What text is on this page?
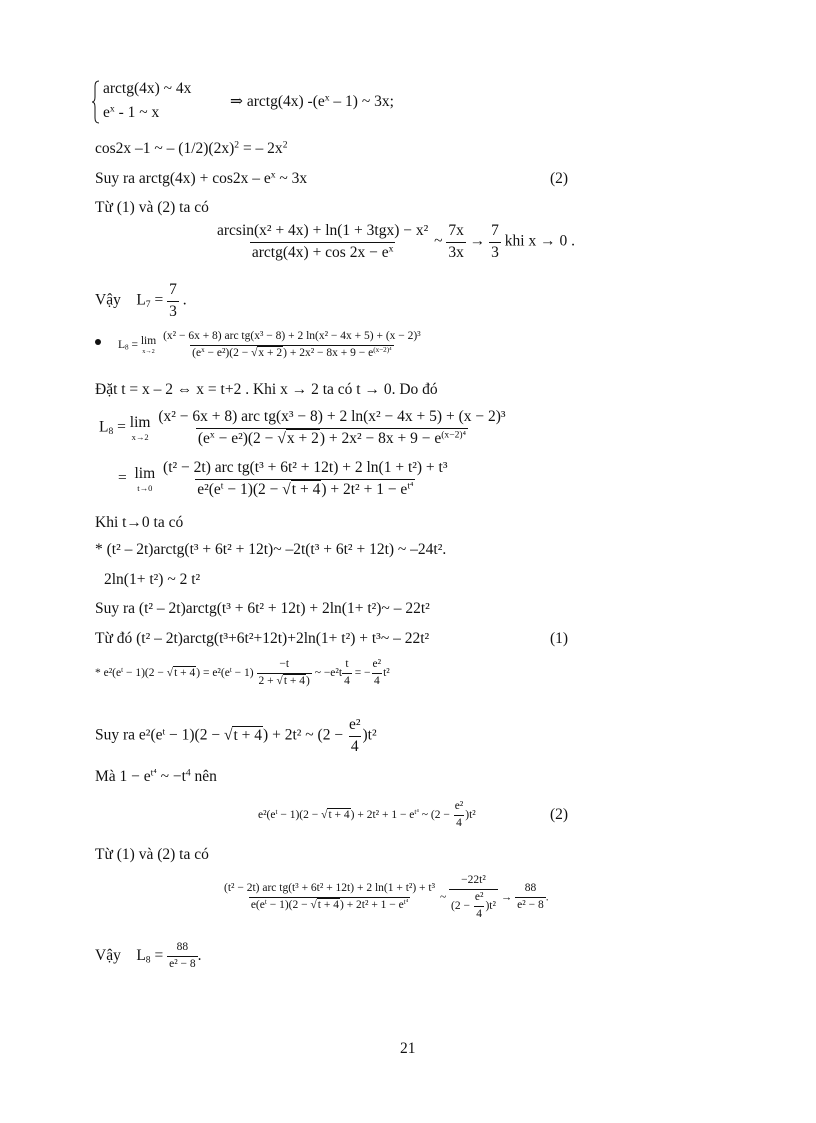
arctg(4x) ~ 4x
$e^x - 1$ ~ x
⇒ arctg(4x) $-(e^x - 1)$ ~ 3x;
cos2x –1 ~ – $(1/2)(2x)^2$ = – $2x^2$
Suy ra arctg(4x) + $\cos 2x - e^x$ ~ 3x	(2)
Từ (1) và (2) ta có
$\frac{\text{arcsin(x² + 4x) + ln(1 + 3tgx) − x²}}{arctg(4x) + \cos 2x - e^x}$ ~ $\frac{7x}{3x} \to \frac{7}{3}$ khi x → 0 .
Vậy $L_7 = \frac{7}{3}$ .
$L_8 = \lim$
x→2
$\frac{\text{(x² − 6x + 8) arc tg(x³ − 8) + 2 ln(x² − 4x + 5) + (x − 2)³}}{(e^x - e^2)(2 - √x + 2) + 2x^2 - 8x + 9 - e^{(x-2)^4}}$
Đặt t = x – 2 ⇔ x = t+2 . Khi x → 2 ta có t → 0. Do đó
$L_8 = \lim$
x→2
$\frac{\text{(x² − 6x + 8) arc tg(x³ − 8) + 2 ln(x² − 4x + 5) + (x − 2)³}}{(e^x - e^2)(2 - √x + 2) + 2x^2 - 8x + 9 - e^{(x-2)^4}}$
= lim
t→0
$\frac{\text{(t² − 2t) arc tg(t³ + 6t² + 12t) + 2 ln(1 + t²) + t³}}{e^2(e^t - 1)(2 - √t + 4) + 2t^2 + 1 - e^{t^4}}$
Khi t→0 ta có
* (t² – 2t)arctg(t³ + 6t² + 12t)~ –2t(t³ + 6t² + 12t) ~ –24t².
2ln(1+ t²) ~ 2 t²
Suy ra (t² – 2t)arctg(t³ + 6t² + 12t) + 2ln(1+ t²)~ – 22t²
Từ đó (t² – 2t)arctg(t³+6t²+12t)+2ln(1+ t²) + t³~ – 22t²	(1)
* $e^2(e^t - 1)(2 - √t + 4) = e^2(e^t - 1) \frac{-t}{2 + √t + 4)}$ ~ $-e^2t \frac{t}{4}$ = − $\frac{\text{e²}}{4} t^2$
Suy ra $e^2(e^t - 1)(2 - √t + 4) + 2t^2$ ~ $(2 - \frac{\text{e²}}{4} )t^2$
Mà $1 - e^{t^4}$ ~ $-t^4$ nên
$e^2(e^t - 1)(2 - √t + 4) + 2t^2 + 1 - e^{t^4}$ ~ $(2 - \frac{\text{e²}}{4} )t^2$	(2)
Từ (1) và (2) ta có
$\frac{\text{(t² − 2t) arc tg(t³ + 6t² + 12t) + 2 ln(1 + t²) + t³}}{e(e^t - 1)(2 - √t + 4) + 2t^2 + 1 - e^{t^4}}$ ~ $\frac{\text{−22t²}}{(2 - \frac{\text{e²}}{4} )t^2} \to \frac{88}{\text{e² − 8}}$ .
Vậy $L_8 = \frac{88}{\text{e² − 8}}$ .
21
